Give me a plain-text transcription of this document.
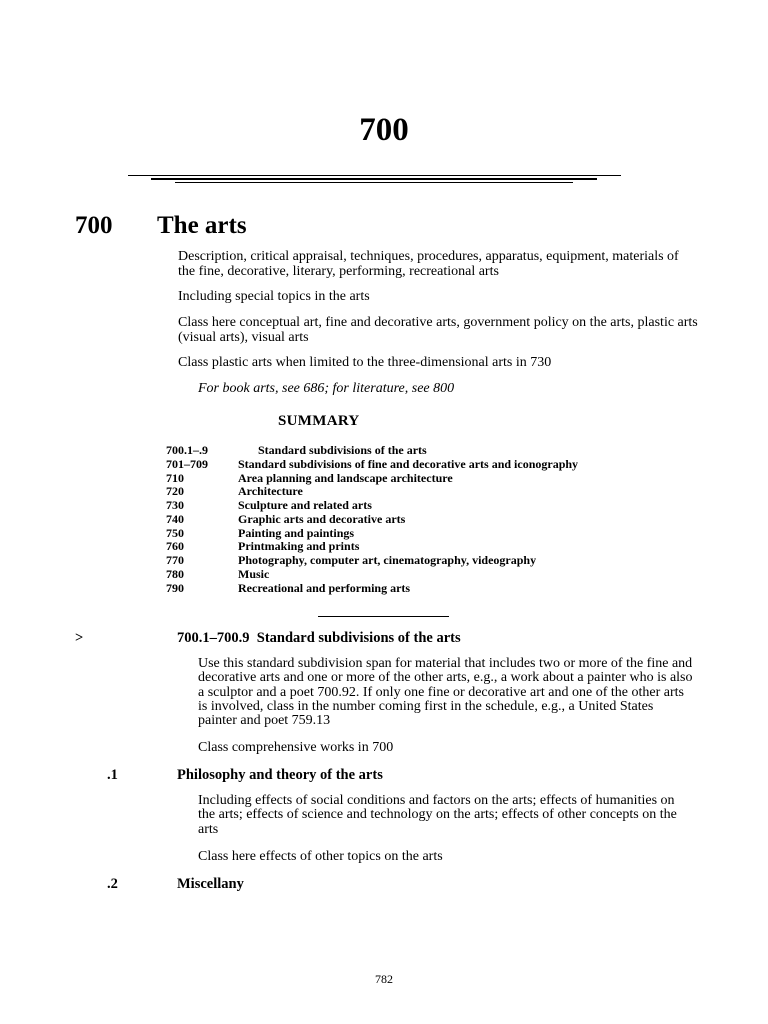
700
700 The arts
Description, critical appraisal, techniques, procedures, apparatus, equipment, materials of the fine, decorative, literary, performing, recreational arts
Including special topics in the arts
Class here conceptual art, fine and decorative arts, government policy on the arts, plastic arts (visual arts), visual arts
Class plastic arts when limited to the three-dimensional arts in 730
For book arts, see 686; for literature, see 800
SUMMARY
700.1–.9	Standard subdivisions of the arts
701–709	Standard subdivisions of fine and decorative arts and iconography
710	Area planning and landscape architecture
720	Architecture
730	Sculpture and related arts
740	Graphic arts and decorative arts
750	Painting and paintings
760	Printmaking and prints
770	Photography, computer art, cinematography, videography
780	Music
790	Recreational and performing arts
>	700.1–700.9  Standard subdivisions of the arts
Use this standard subdivision span for material that includes two or more of the fine and decorative arts and one or more of the other arts, e.g., a work about a painter who is also a sculptor and a poet 700.92. If only one fine or decorative art and one of the other arts is involved, class in the number coming first in the schedule, e.g., a United States painter and poet 759.13
Class comprehensive works in 700
.1	Philosophy and theory of the arts
Including effects of social conditions and factors on the arts; effects of humanities on the arts; effects of science and technology on the arts; effects of other concepts on the arts
Class here effects of other topics on the arts
.2	Miscellany
782
